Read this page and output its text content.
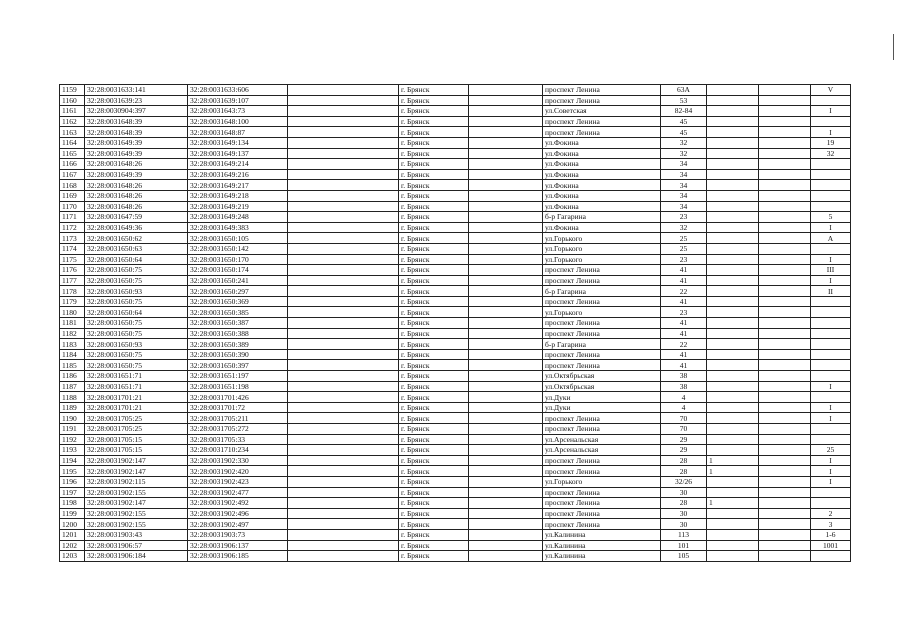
1159	32:28:0031633:141	32:28:0031633:606		г. Брянск		проспект Ленина	63А			V
1160	32:28:0031639:23	32:28:0031639:107		г. Брянск		проспект Ленина	53			
1161	32:28:0030904:397	32:28:0031643:73		г. Брянск		ул.Советская	82-84			I
1162	32:28:0031648:39	32:28:0031648:100		г. Брянск		проспект Ленина	45			
1163	32:28:0031648:39	32:28:0031648:87		г. Брянск		проспект Ленина	45			I
1164	32:28:0031649:39	32:28:0031649:134		г. Брянск		ул.Фокина	32			19
1165	32:28:0031649:39	32:28:0031649:137		г. Брянск		ул.Фокина	32			32
1166	32:28:0031648:26	32:28:0031649:214		г. Брянск		ул.Фокина	34			
1167	32:28:0031649:39	32:28:0031649:216		г. Брянск		ул.Фокина	34			
1168	32:28:0031648:26	32:28:0031649:217		г. Брянск		ул.Фокина	34			
1169	32:28:0031648:26	32:28:0031649:218		г. Брянск		ул.Фокина	34			
1170	32:28:0031648:26	32:28:0031649:219		г. Брянск		ул.Фокина	34			
1171	32:28:0031647:59	32:28:0031649:248		г. Брянск		б-р Гагарина	23			5
1172	32:28:0031649:36	32:28:0031649:383		г. Брянск		ул.Фокина	32			I
1173	32:28:0031650:62	32:28:0031650:105		г. Брянск		ул.Горького	25			А
1174	32:28:0031650:63	32:28:0031650:142		г. Брянск		ул.Горького	25			
1175	32:28:0031650:64	32:28:0031650:170		г. Брянск		ул.Горького	23			I
1176	32:28:0031650:75	32:28:0031650:174		г. Брянск		проспект Ленина	41			III
1177	32:28:0031650:75	32:28:0031650:241		г. Брянск		проспект Ленина	41			I
1178	32:28:0031650:93	32:28:0031650:297		г. Брянск		б-р Гагарина	22			II
1179	32:28:0031650:75	32:28:0031650:369		г. Брянск		проспект Ленина	41			
1180	32:28:0031650:64	32:28:0031650:385		г. Брянск		ул.Горького	23			
1181	32:28:0031650:75	32:28:0031650:387		г. Брянск		проспект Ленина	41			
1182	32:28:0031650:75	32:28:0031650:388		г. Брянск		проспект Ленина	41			
1183	32:28:0031650:93	32:28:0031650:389		г. Брянск		б-р Гагарина	22			
1184	32:28:0031650:75	32:28:0031650:390		г. Брянск		проспект Ленина	41			
1185	32:28:0031650:75	32:28:0031650:397		г. Брянск		проспект Ленина	41			
1186	32:28:0031651:71	32:28:0031651:197		г. Брянск		ул.Октябрьская	38			
1187	32:28:0031651:71	32:28:0031651:198		г. Брянск		ул.Октябрьская	38			I
1188	32:28:0031701:21	32:28:0031701:426		г. Брянск		ул.Дуки	4			
1189	32:28:0031701:21	32:28:0031701:72		г. Брянск		ул.Дуки	4			I
1190	32:28:0031705:25	32:28:0031705:211		г. Брянск		проспект Ленина	70			I
1191	32:28:0031705:25	32:28:0031705:272		г. Брянск		проспект Ленина	70			
1192	32:28:0031705:15	32:28:0031705:33		г. Брянск		ул.Арсенальская	29			
1193	32:28:0031705:15	32:28:0031710:234		г. Брянск		ул.Арсенальская	29			25
1194	32:28:0031902:147	32:28:0031902:330		г. Брянск		проспект Ленина	28	1		I
1195	32:28:0031902:147	32:28:0031902:420		г. Брянск		проспект Ленина	28	1		I
1196	32:28:0031902:115	32:28:0031902:423		г. Брянск		ул.Горького	32/26			I
1197	32:28:0031902:155	32:28:0031902:477		г. Брянск		проспект Ленина	30			
1198	32:28:0031902:147	32:28:0031902:492		г. Брянск		проспект Ленина	28	1		
1199	32:28:0031902:155	32:28:0031902:496		г. Брянск		проспект Ленина	30			2
1200	32:28:0031902:155	32:28:0031902:497		г. Брянск		проспект Ленина	30			3
1201	32:28:0031903:43	32:28:0031903:73		г. Брянск		ул.Калинина	113			1-6
1202	32:28:0031906:57	32:28:0031906:137		г. Брянск		ул.Калинина	101			1001
1203	32:28:0031906:184	32:28:0031906:185		г. Брянск		ул.Калинина	105			
